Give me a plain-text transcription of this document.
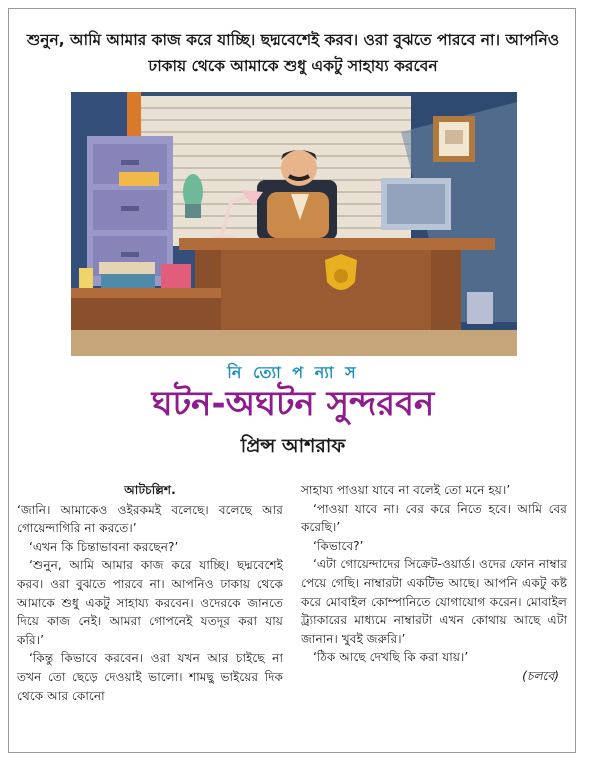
শুনুন, আমি আমার কাজ করে যাচ্ছি। ছদ্মবেশেই করব। ওরা বুঝতে পারবে না। আপনিও ঢাকায় থেকে আমাকে শুধু একটু সাহায্য করবেন
নি ত্যো প ন্যা স
ঘটন-অঘটন সুন্দরবন
প্রিন্স আশরাফ
আটচল্লিশ.

‘জানি। আমাকেও ওইরকমই বলেছে। বলেছে আর গোয়েন্দাগিরি না করতে।’

‘এখন কি চিন্তাভাবনা করছেন?’

‘শুনুন, আমি আমার কাজ করে যাচ্ছি। ছদ্মবেশেই করব। ওরা বুঝতে পারবে না। আপনিও ঢাকায় থেকে আমাকে শুধু একটু সাহায্য করবেন। ওদেরকে জানতে দিয়ে কাজ নেই। আমরা গোপনেই যতদূর করা যায় করি।’

‘কিন্তু কিভাবে করবেন। ওরা যখন আর চাইছে না তখন তো ছেড়ে দেওয়াই ভালো। শামছু ভাইয়ের দিক থেকে আর কোনো

সাহায্য পাওয়া যাবে না বলেই তো মনে হয়।’

‘পাওয়া যাবে না। বের করে নিতে হবে। আমি বের করেছি।’

‘কিভাবে?’

‘এটা গোয়েন্দাদের সিক্রেট-ওয়ার্ড। ওদের ফোন নাম্বার পেয়ে গেছি। নাম্বারটা একটিভ আছে। আপনি একটু কষ্ট করে মোবাইল কোম্পানিতে যোগাযোগ করেন। মোবাইল ট্র্যাকারের মাধ্যমে নাম্বারটা এখন কোথায় আছে এটা জানান। খুবই জরুরি।’

‘ঠিক আছে দেখছি কি করা যায়।’

(চলবে)
